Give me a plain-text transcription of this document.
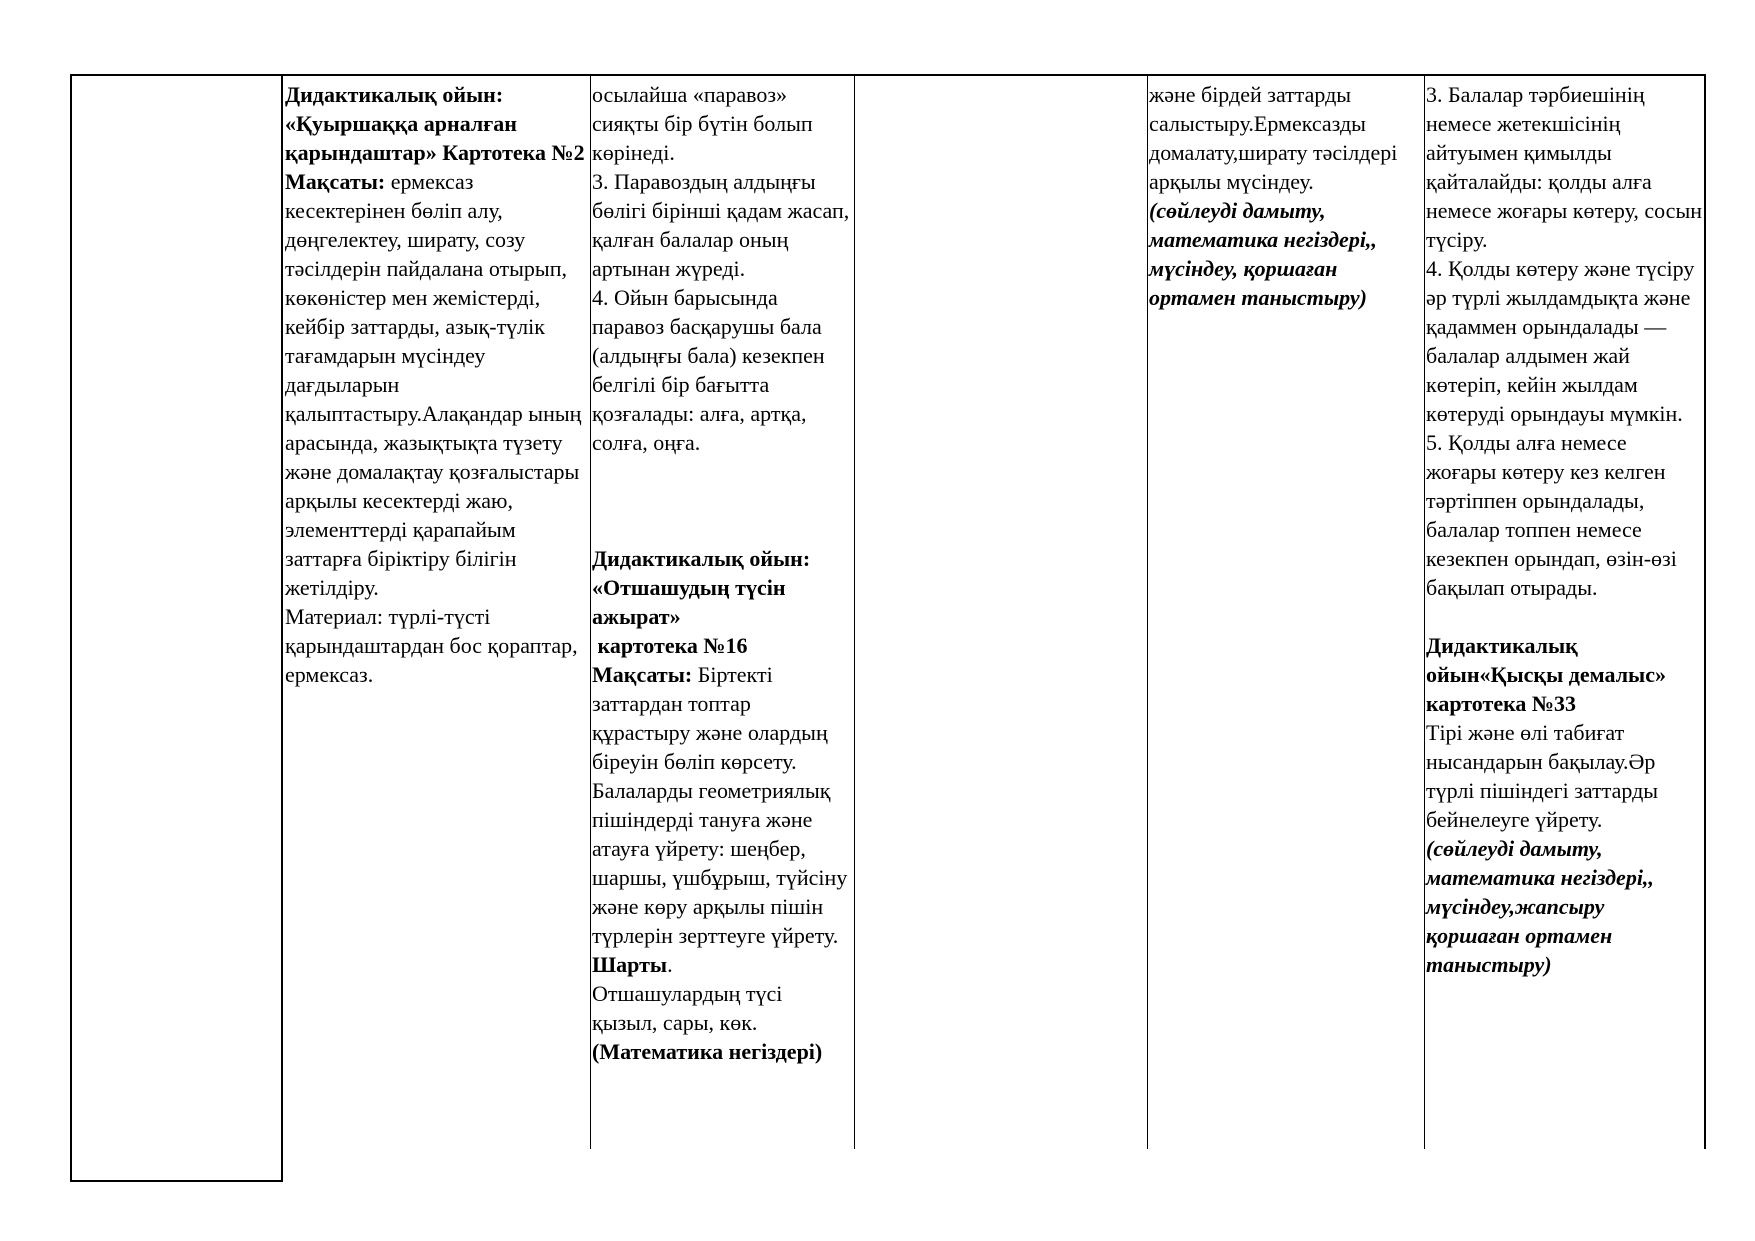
Дидактикалық ойын: «Қуыршаққа арналған қарындаштар» Картотека №2

Мақсаты: ермексаз кесектерінен бөліп алу, дөңгелектеу, ширату, созу тәсілдерін пайдалана отырып, көкөністер мен жемістерді, кейбір заттарды, азық-түлік тағамдарын мүсіндеу дағдыларын қалыптастыру.Алақандар ының арасында, жазықтықта түзету және домалақтау қозғалыстары арқылы кесектерді жаю, элементтерді қарапайым заттарға біріктіру білігін жетілдіру.

Материал: түрлі-түсті қарындаштардан бос қораптар, ермексаз.

осылайша «паравоз» сияқты бір бүтін болып көрінеді.

3. Паравоздың алдыңғы бөлігі бірінші қадам жасап, қалған балалар оның артынан жүреді.

4. Ойын барысында паравоз басқарушы бала (алдыңғы бала) кезекпен белгілі бір бағытта қозғалады: алға, артқа, солға, оңға.

Дидактикалық ойын: «Отшашудың түсін ажырат»

картотека №16

Мақсаты: Біртекті заттардан топтар құрастыру және олардың біреуін бөліп көрсету. Балаларды геометриялық пішіндерді тануға және атауға үйрету: шеңбер, шаршы, үшбұрыш, түйсіну және көру арқылы пішін түрлерін зерттеуге үйрету.

Шарты.

Отшашулардың түсі қызыл, сары, көк.

(Математика негіздері)

және бірдей заттарды салыстыру.Ермексазды домалату,ширату тәсілдері арқылы мүсіндеу.

(сөйлеуді дамыту, математика негіздері,, мүсіндеу, қоршаған ортамен таныстыру)

3. Балалар тәрбиешінің немесе жетекшісінің айтуымен қимылды қайталайды: қолды алға немесе жоғары көтеру, сосын түсіру.

4. Қолды көтеру және түсіру әр түрлі жылдамдықта және қадаммен орындалады — балалар алдымен жай көтеріп, кейін жылдам көтеруді орындауы мүмкін.

5. Қолды алға немесе жоғары көтеру кез келген тәртіппен орындалады, балалар топпен немесе кезекпен орындап, өзін-өзі бақылап отырады.

Дидактикалық ойын«Қысқы демалыс» картотека №33

Тірі және өлі табиғат нысандарын бақылау.Әр түрлі пішіндегі заттарды бейнелеуге үйрету.

(сөйлеуді дамыту, математика негіздері,, мүсіндеу,жапсыру қоршаған ортамен таныстыру)
